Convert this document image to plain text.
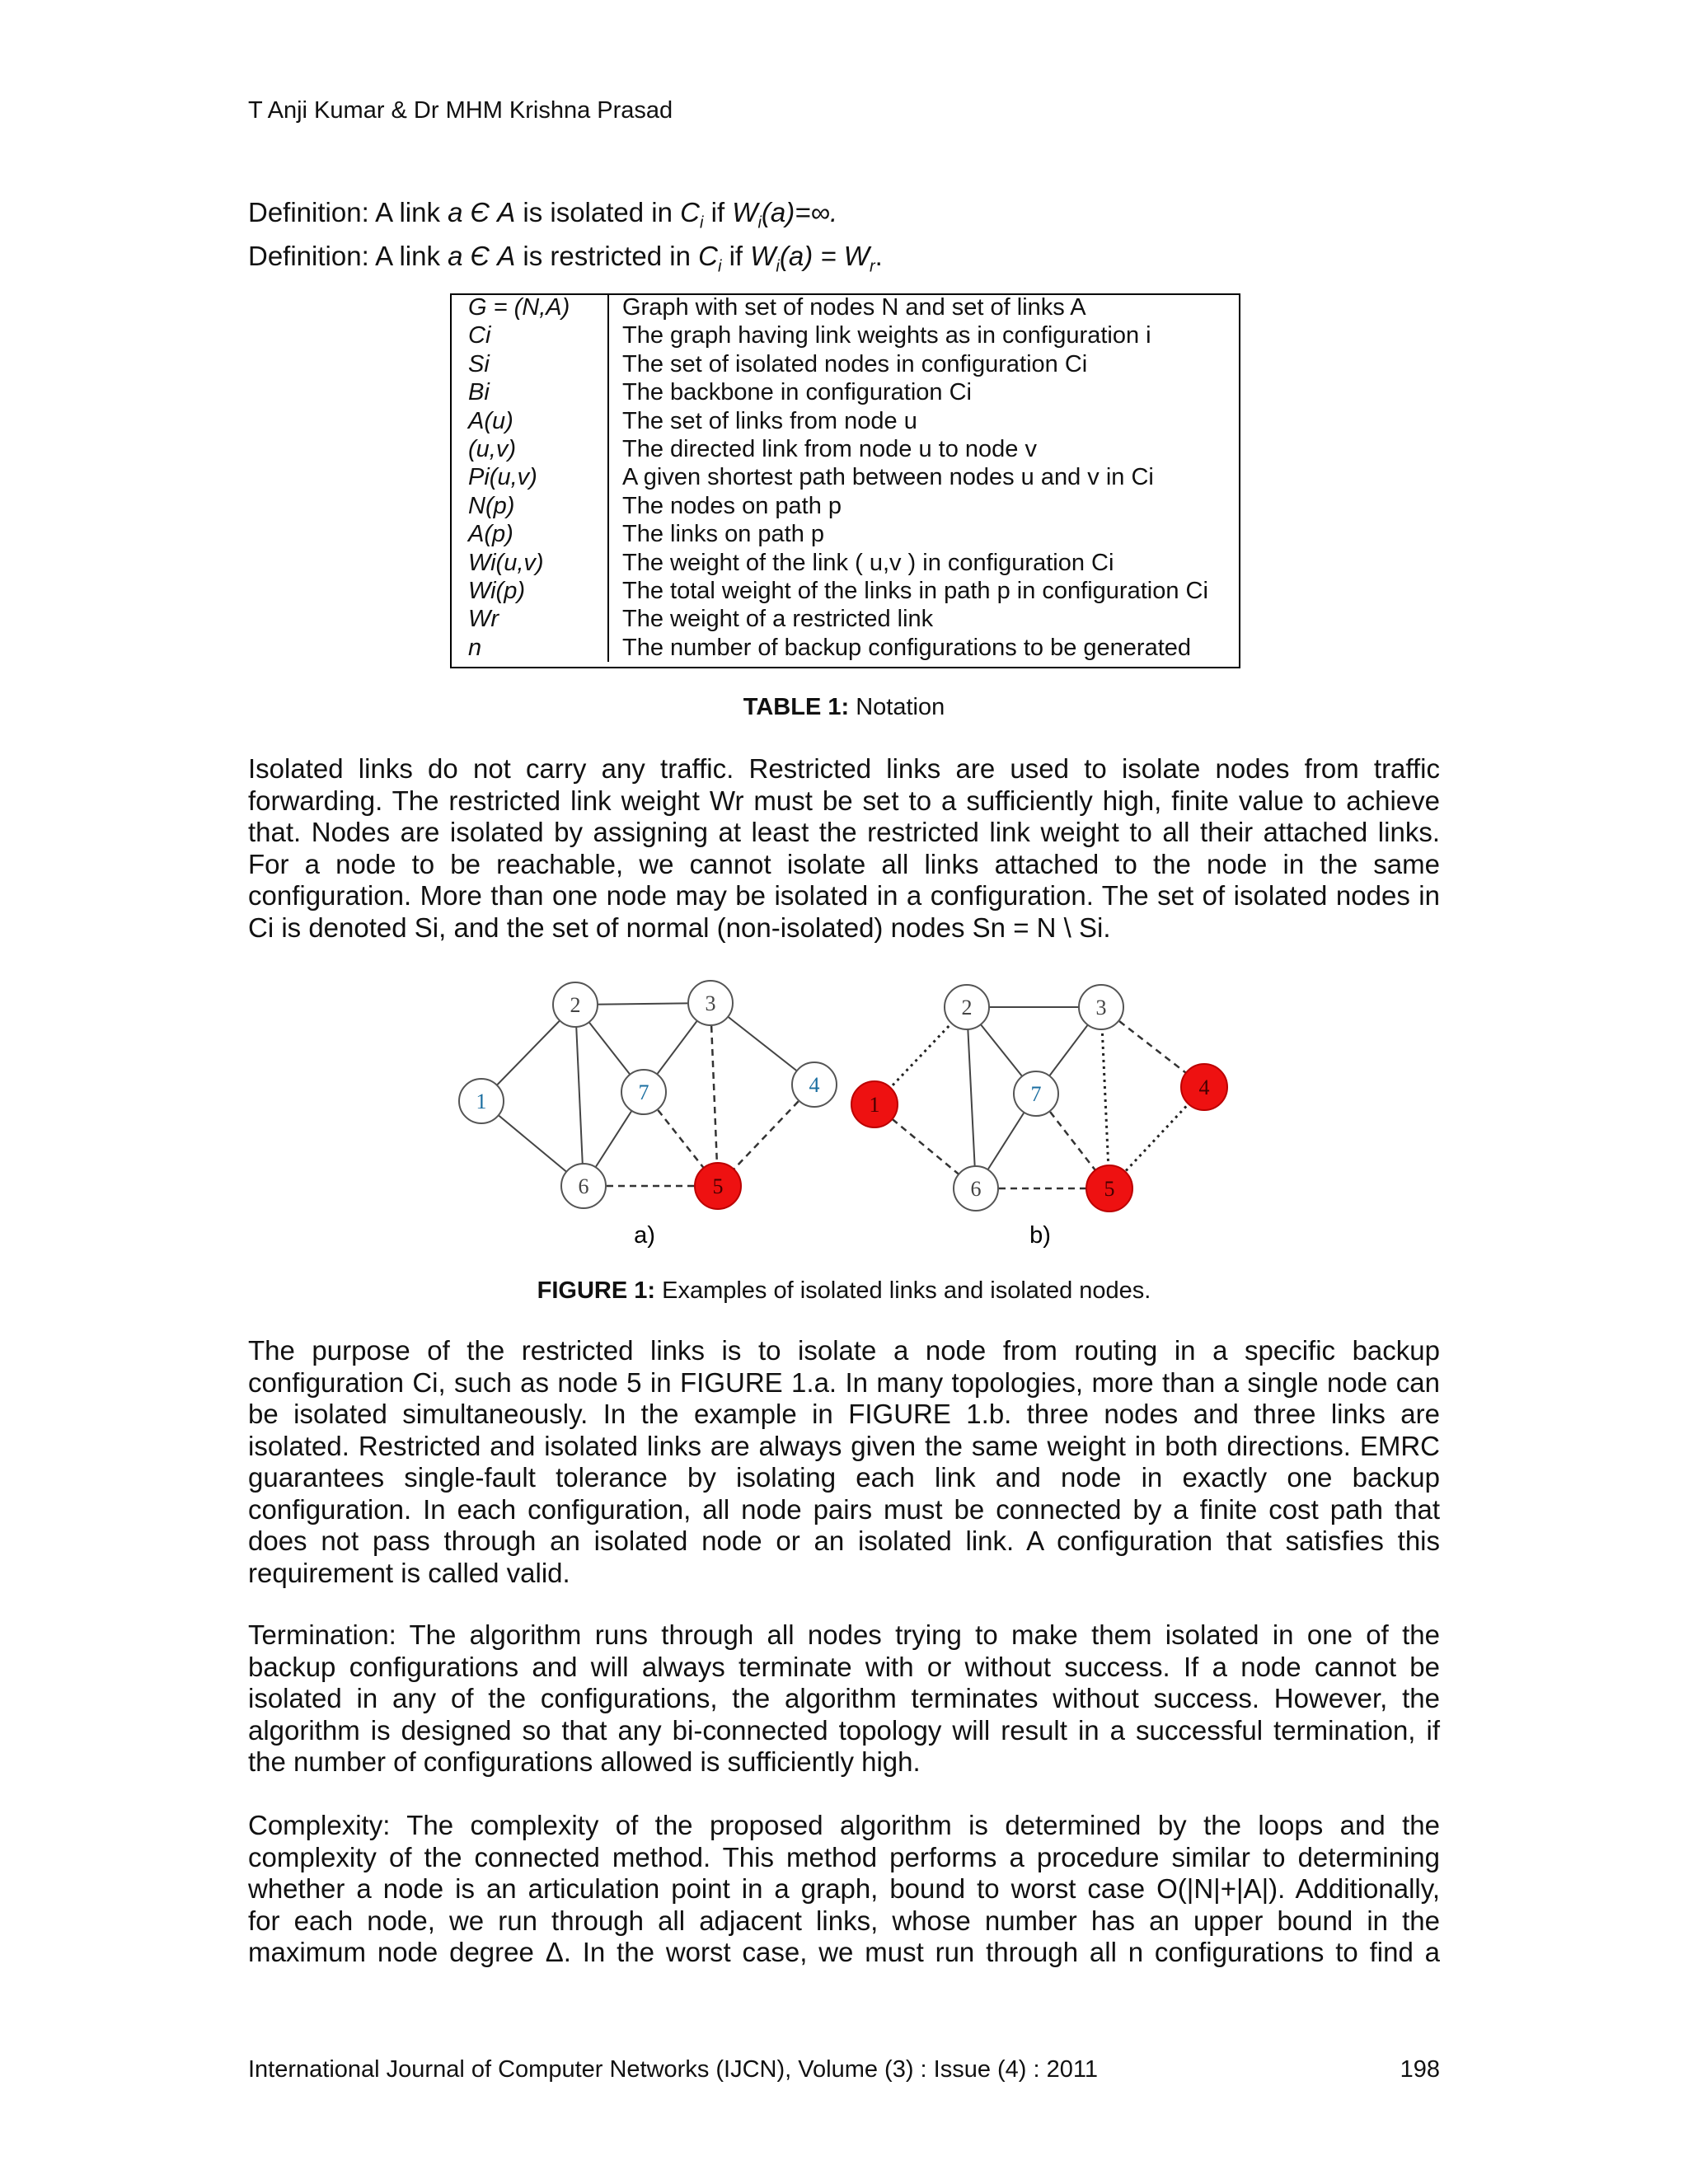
T Anji Kumar & Dr MHM Krishna Prasad
Definition: A link a Є A is isolated in $C_i$ if $W_i(a)=\infty$.
Definition: A link a Є A is restricted in $C_i$ if $W_i(a) = W_r$.
G = (N,A)	Graph with set of nodes N and set of links A
Ci	The graph having link weights as in configuration i
Si	The set of isolated nodes in configuration Ci
Bi	The backbone in configuration Ci
A(u)	The set of links from node u
(u,v)	The directed link from node u to node v
Pi(u,v)	A given shortest path between nodes u and v in Ci
N(p)	The nodes on path p
A(p)	The links on path p
Wi(u,v)	The weight of the link ( u,v ) in configuration Ci
Wi(p)	The total weight of the links in path p in configuration Ci
Wr	The weight of a restricted link
n	The number of backup configurations to be generated
TABLE 1: Notation
Isolated links do not carry any traffic. Restricted links are used to isolate nodes from traffic
forwarding. The restricted link weight Wr must be set to a sufficiently high, finite value to achieve
that. Nodes are isolated by assigning at least the restricted link weight to all their attached links.
For a node to be reachable, we cannot isolate all links attached to the node in the same
configuration. More than one node may be isolated in a configuration. The set of isolated nodes in
Ci is denoted Si, and the set of normal (non-isolated) nodes Sn = N \ Si.
1
2	3
4
5
6
7
1
2	3
4
5
6
7
a)	b)
FIGURE 1: Examples of isolated links and isolated nodes.
The purpose of the restricted links is to isolate a node from routing in a specific backup
configuration Ci, such as node 5 in FIGURE 1.a. In many topologies, more than a single node can
be isolated simultaneously. In the example in FIGURE 1.b. three nodes and three links are
isolated. Restricted and isolated links are always given the same weight in both directions. EMRC
guarantees single-fault tolerance by isolating each link and node in exactly one backup
configuration. In each configuration, all node pairs must be connected by a finite cost path that
does not pass through an isolated node or an isolated link. A configuration that satisfies this
requirement is called valid.
Termination: The algorithm runs through all nodes trying to make them isolated in one of the
backup configurations and will always terminate with or without success. If a node cannot be
isolated in any of the configurations, the algorithm terminates without success. However, the
algorithm is designed so that any bi-connected topology will result in a successful termination, if
the number of configurations allowed is sufficiently high.
Complexity: The complexity of the proposed algorithm is determined by the loops and the
complexity of the connected method. This method performs a procedure similar to determining
whether a node is an articulation point in a graph, bound to worst case O(|N|+|A|). Additionally,
for each node, we run through all adjacent links, whose number has an upper bound in the
maximum node degree Δ. In the worst case, we must run through all n configurations to find a
International Journal of Computer Networks (IJCN), Volume (3) : Issue (4) : 2011	198
